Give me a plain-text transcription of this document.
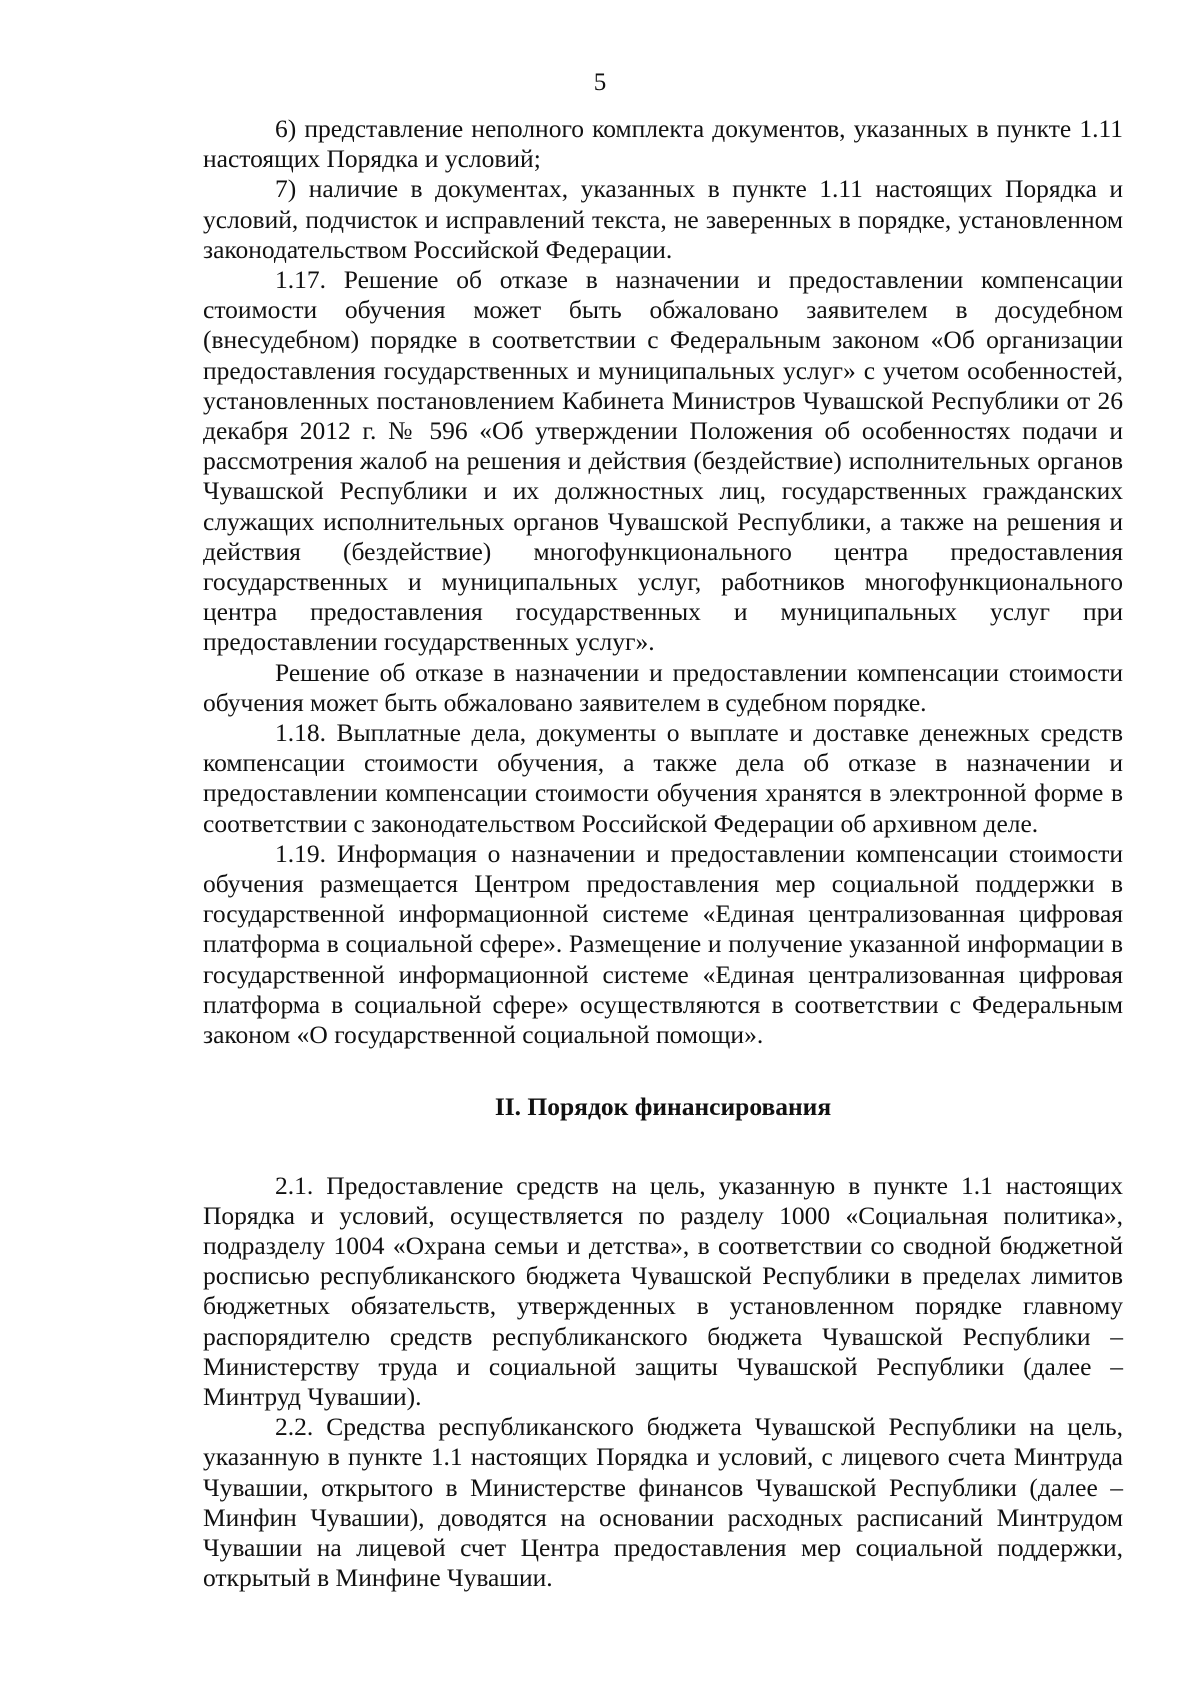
5

6) представление неполного комплекта документов, указанных в пункте 1.11 настоящих Порядка и условий;

7) наличие в документах, указанных в пункте 1.11 настоящих Порядка и условий, подчисток и исправлений текста, не заверенных в порядке, установленном законодательством Российской Федерации.

1.17. Решение об отказе в назначении и предоставлении компенсации стоимости обучения может быть обжаловано заявителем в досудебном (внесудебном) порядке в соответствии с Федеральным законом «Об организации предоставления государственных и муниципальных услуг» с учетом особенностей, установленных постановлением Кабинета Министров Чувашской Республики от 26 декабря 2012 г. № 596 «Об утверждении Положения об особенностях подачи и рассмотрения жалоб на решения и действия (бездействие) исполнительных органов Чувашской Республики и их должностных лиц, государственных гражданских служащих исполнительных органов Чувашской Республики, а также на решения и действия (бездействие) многофункционального центра предоставления государственных и муниципальных услуг, работников многофункционального центра предоставления государственных и муниципальных услуг при предоставлении государственных услуг».

Решение об отказе в назначении и предоставлении компенсации стоимости обучения может быть обжаловано заявителем в судебном порядке.

1.18. Выплатные дела, документы о выплате и доставке денежных средств компенсации стоимости обучения, а также дела об отказе в назначении и предоставлении компенсации стоимости обучения хранятся в электронной форме в соответствии с законодательством Российской Федерации об архивном деле.

1.19. Информация о назначении и предоставлении компенсации стоимости обучения размещается Центром предоставления мер социальной поддержки в государственной информационной системе «Единая централизованная цифровая платформа в социальной сфере». Размещение и получение указанной информации в государственной информационной системе «Единая централизованная цифровая платформа в социальной сфере» осуществляются в соответствии с Федеральным законом «О государственной социальной помощи».

II. Порядок финансирования

2.1. Предоставление средств на цель, указанную в пункте 1.1 настоящих Порядка и условий, осуществляется по разделу 1000 «Социальная политика», подразделу 1004 «Охрана семьи и детства», в соответствии со сводной бюджетной росписью республиканского бюджета Чувашской Республики в пределах лимитов бюджетных обязательств, утвержденных в установленном порядке главному распорядителю средств республиканского бюджета Чувашской Республики – Министерству труда и социальной защиты Чувашской Республики (далее – Минтруд Чувашии).

2.2. Средства республиканского бюджета Чувашской Республики на цель, указанную в пункте 1.1 настоящих Порядка и условий, с лицевого счета Минтруда Чувашии, открытого в Министерстве финансов Чувашской Республики (далее – Минфин Чувашии), доводятся на основании расходных расписаний Минтрудом Чувашии на лицевой счет Центра предоставления мер социальной поддержки, открытый в Минфине Чувашии.
